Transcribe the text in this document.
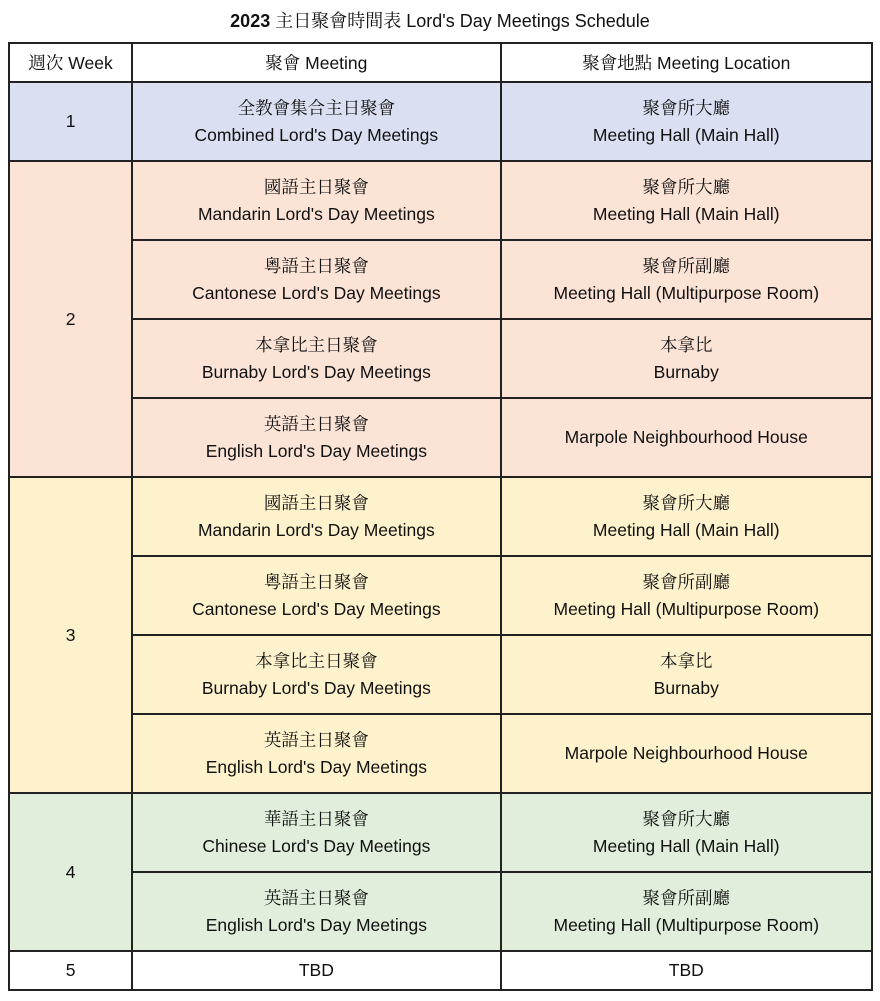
2023 主日聚會時間表 Lord's Day Meetings Schedule
週次 Week	聚會 Meeting	聚會地點 Meeting Location
1	全教會集合主日聚會
Combined Lord's Day Meetings	聚會所大廳
Meeting Hall (Main Hall)

2	國語主日聚會
Mandarin Lord's Day Meetings	聚會所大廳
Meeting Hall (Main Hall)

	粵語主日聚會
Cantonese Lord's Day Meetings	聚會所副廳
Meeting Hall (Multipurpose Room)

	本拿比主日聚會
Burnaby Lord's Day Meetings	本拿比
Burnaby

	英語主日聚會
English Lord's Day Meetings	Marpole Neighbourhood House

3	國語主日聚會
Mandarin Lord's Day Meetings	聚會所大廳
Meeting Hall (Main Hall)

	粵語主日聚會
Cantonese Lord's Day Meetings	聚會所副廳
Meeting Hall (Multipurpose Room)

	本拿比主日聚會
Burnaby Lord's Day Meetings	本拿比
Burnaby

	英語主日聚會
English Lord's Day Meetings	Marpole Neighbourhood House

4	華語主日聚會
Chinese Lord's Day Meetings	聚會所大廳
Meeting Hall (Main Hall)

	英語主日聚會
English Lord's Day Meetings	聚會所副廳
Meeting Hall (Multipurpose Room)

5	TBD	TBD
